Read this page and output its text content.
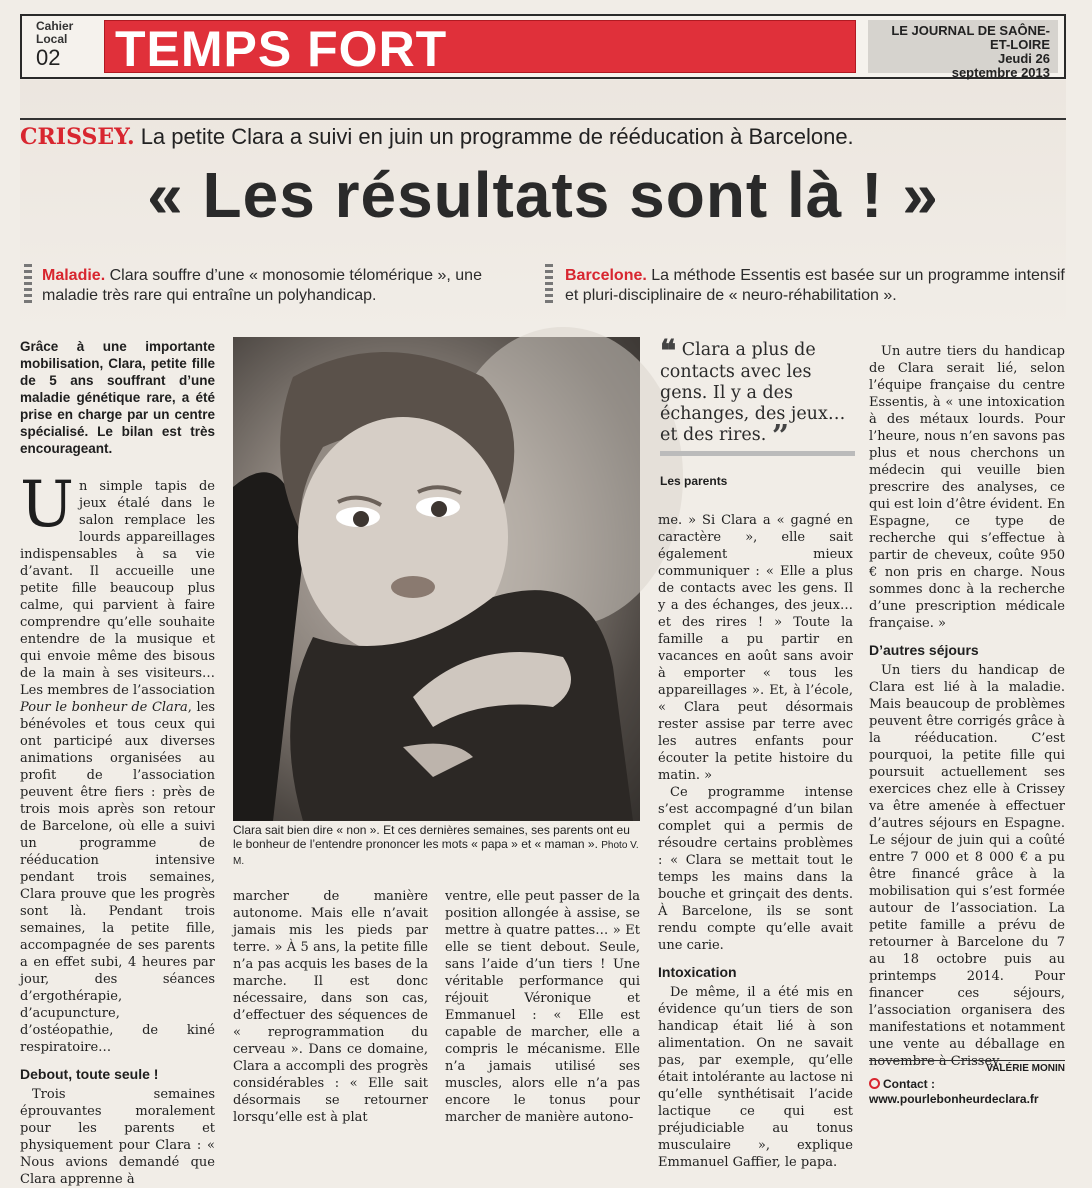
Cahier Local
02	TEMPS FORT	LE JOURNAL DE SAÔNE-ET-LOIRE
Jeudi 26
septembre 2013
CRISSEY. La petite Clara a suivi en juin un programme de rééducation à Barcelone.
« Les résultats sont là ! »
Maladie. Clara souffre d’une « monosomie télomérique », une maladie très rare qui entraîne un polyhandicap.
Barcelone. La méthode Essentis est basée sur un programme intensif et pluri-disciplinaire de « neuro-réhabilitation ».
Grâce à une importante mobilisation, Clara, petite fille de 5 ans souffrant d’une maladie génétique rare, a été prise en charge par un centre spécialisé. Le bilan est très encourageant.

Un simple tapis de jeux étalé dans le salon remplace les lourds appareillages indispensables à sa vie d’avant. Il accueille une petite fille beaucoup plus calme, qui parvient à faire comprendre qu’elle souhaite entendre de la musique et qui envoie même des bisous de la main à ses visiteurs… Les membres de l’association Pour le bonheur de Clara, les bénévoles et tous ceux qui ont participé aux diverses animations organisées au profit de l’association peuvent être fiers : près de trois mois après son retour de Barcelone, où elle a suivi un programme de rééducation intensive pendant trois semaines, Clara prouve que les progrès sont là. Pendant trois semaines, la petite fille, accompagnée de ses parents a en effet subi, 4 heures par jour, des séances d’ergothérapie, d’acupuncture, d’ostéopathie, de kiné respiratoire…

Debout, toute seule !

Trois semaines éprouvantes moralement pour les parents et physiquement pour Clara : « Nous avions demandé que Clara apprenne à

Clara sait bien dire « non ». Et ces dernières semaines, ses parents ont eu le bonheur de l’entendre prononcer les mots « papa » et « maman ». Photo V. M.

marcher de manière autonome. Mais elle n’avait jamais mis les pieds par terre. » À 5 ans, la petite fille n’a pas acquis les bases de la marche. Il est donc nécessaire, dans son cas, d’effectuer des séquences de « reprogrammation du cerveau ». Dans ce domaine, Clara a accompli des progrès considérables : « Elle sait désormais se retourner lorsqu’elle est à plat

ventre, elle peut passer de la position allongée à assise, se mettre à quatre pattes… » Et elle se tient debout. Seule, sans l’aide d’un tiers ! Une véritable performance qui réjouit Véronique et Emmanuel : « Elle est capable de marcher, elle a compris le mécanisme. Elle n’a jamais utilisé ses muscles, alors elle n’a pas encore le tonus pour marcher de manière autono-

❝ Clara a plus de contacts avec les gens. Il y a des échanges, des jeux… et des rires. ”
Les parents

me. » Si Clara a « gagné en caractère », elle sait également mieux communiquer : « Elle a plus de contacts avec les gens. Il y a des échanges, des jeux… et des rires ! » Toute la famille a pu partir en vacances en août sans avoir à emporter « tous les appareillages ». Et, à l’école, « Clara peut désormais rester assise par terre avec les autres enfants pour écouter la petite histoire du matin. »

Ce programme intense s’est accompagné d’un bilan complet qui a permis de résoudre certains problèmes : « Clara se mettait tout le temps les mains dans la bouche et grinçait des dents. À Barcelone, ils se sont rendu compte qu’elle avait une carie.

Intoxication

De même, il a été mis en évidence qu’un tiers de son handicap était lié à son alimentation. On ne savait pas, par exemple, qu’elle était intolérante au lactose ni qu’elle synthétisait l’acide lactique ce qui est préjudiciable au tonus musculaire », explique Emmanuel Gaffier, le papa.

Un autre tiers du handicap de Clara serait lié, selon l’équipe française du centre Essentis, à « une intoxication à des métaux lourds. Pour l’heure, nous n’en savons pas plus et nous cherchons un médecin qui veuille bien prescrire des analyses, ce qui est loin d’être évident. En Espagne, ce type de recherche qui s’effectue à partir de cheveux, coûte 950 € non pris en charge. Nous sommes donc à la recherche d’une prescription médicale française. »

D’autres séjours

Un tiers du handicap de Clara est lié à la maladie. Mais beaucoup de problèmes peuvent être corrigés grâce à la rééducation. C’est pourquoi, la petite fille qui poursuit actuellement ses exercices chez elle à Crissey va être amenée à effectuer d’autres séjours en Espagne. Le séjour de juin qui a coûté entre 7 000 et 8 000 € a pu être financé grâce à la mobilisation qui s’est formée autour de l’association. La petite famille a prévu de retourner à Barcelone du 7 au 18 octobre puis au printemps 2014. Pour financer ces séjours, l’association organisera des manifestations et notamment une vente au déballage en novembre à Crissey.

VALÉRIE MONIN
Contact : www.pourlebonheurdeclara.fr
